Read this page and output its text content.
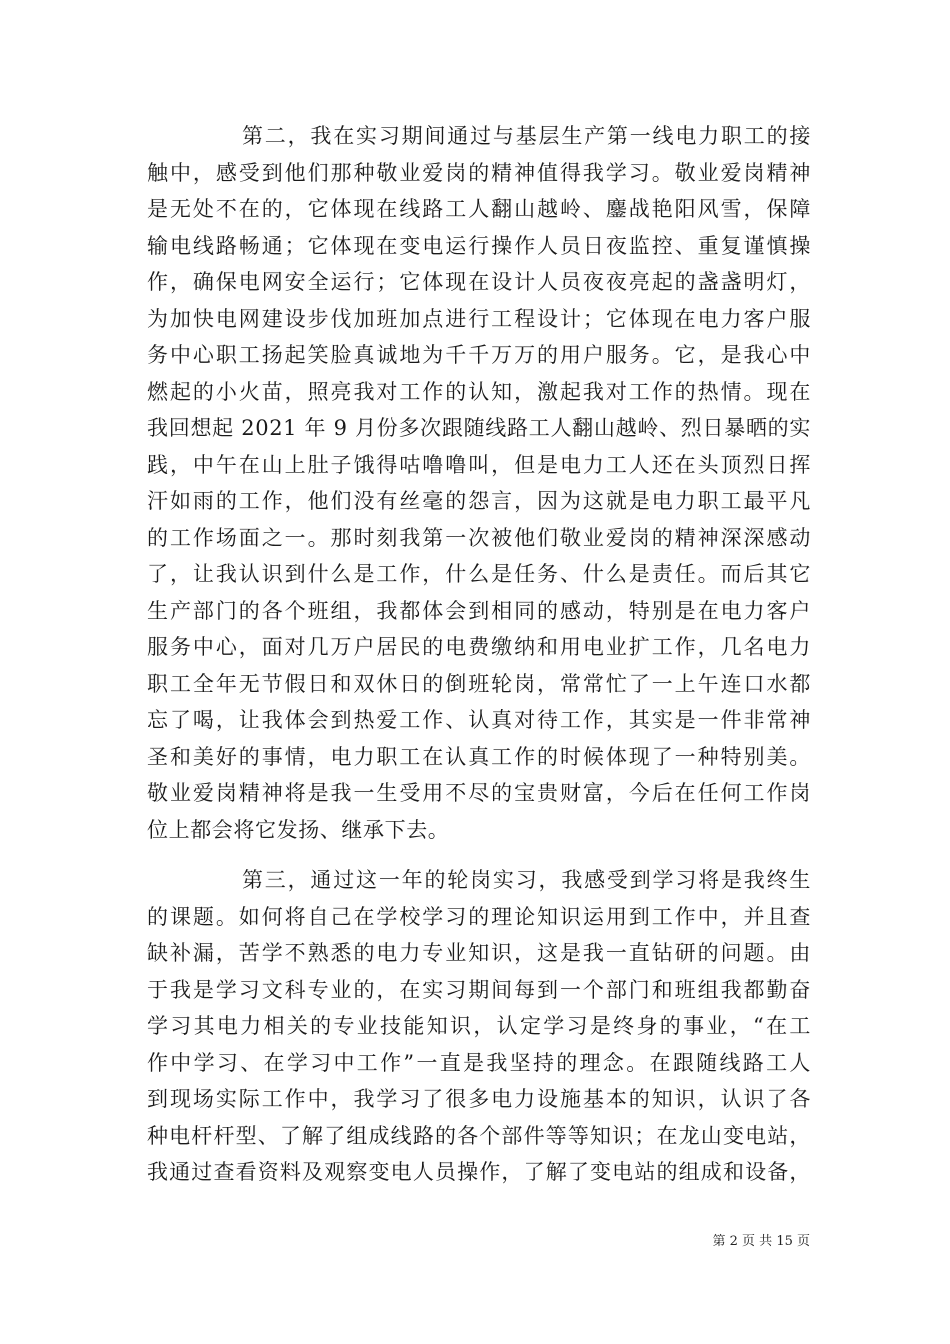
第二，我在实习期间通过与基层生产第一线电力职工的接
触中，感受到他们那种敬业爱岗的精神值得我学习。敬业爱岗精神
是无处不在的，它体现在线路工人翻山越岭、鏖战艳阳风雪，保障
输电线路畅通；它体现在变电运行操作人员日夜监控、重复谨慎操
作，确保电网安全运行；它体现在设计人员夜夜亮起的盏盏明灯，
为加快电网建设步伐加班加点进行工程设计；它体现在电力客户服
务中心职工扬起笑脸真诚地为千千万万的用户服务。它，是我心中
燃起的小火苗，照亮我对工作的认知，激起我对工作的热情。现在
我回想起 2021 年 9 月份多次跟随线路工人翻山越岭、烈日暴晒的实
践，中午在山上肚子饿得咕噜噜叫，但是电力工人还在头顶烈日挥
汗如雨的工作，他们没有丝毫的怨言，因为这就是电力职工最平凡
的工作场面之一。那时刻我第一次被他们敬业爱岗的精神深深感动
了，让我认识到什么是工作，什么是任务、什么是责任。而后其它
生产部门的各个班组，我都体会到相同的感动，特别是在电力客户
服务中心，面对几万户居民的电费缴纳和用电业扩工作，几名电力
职工全年无节假日和双休日的倒班轮岗，常常忙了一上午连口水都
忘了喝，让我体会到热爱工作、认真对待工作，其实是一件非常神
圣和美好的事情，电力职工在认真工作的时候体现了一种特别美。
敬业爱岗精神将是我一生受用不尽的宝贵财富，今后在任何工作岗
位上都会将它发扬、继承下去。
第三，通过这一年的轮岗实习，我感受到学习将是我终生
的课题。如何将自己在学校学习的理论知识运用到工作中，并且查
缺补漏，苦学不熟悉的电力专业知识，这是我一直钻研的问题。由
于我是学习文科专业的，在实习期间每到一个部门和班组我都勤奋
学习其电力相关的专业技能知识，认定学习是终身的事业，“在工
作中学习、在学习中工作”一直是我坚持的理念。在跟随线路工人
到现场实际工作中，我学习了很多电力设施基本的知识，认识了各
种电杆杆型、了解了组成线路的各个部件等等知识；在龙山变电站，
我通过查看资料及观察变电人员操作，了解了变电站的组成和设备，
第 2 页 共 15 页
